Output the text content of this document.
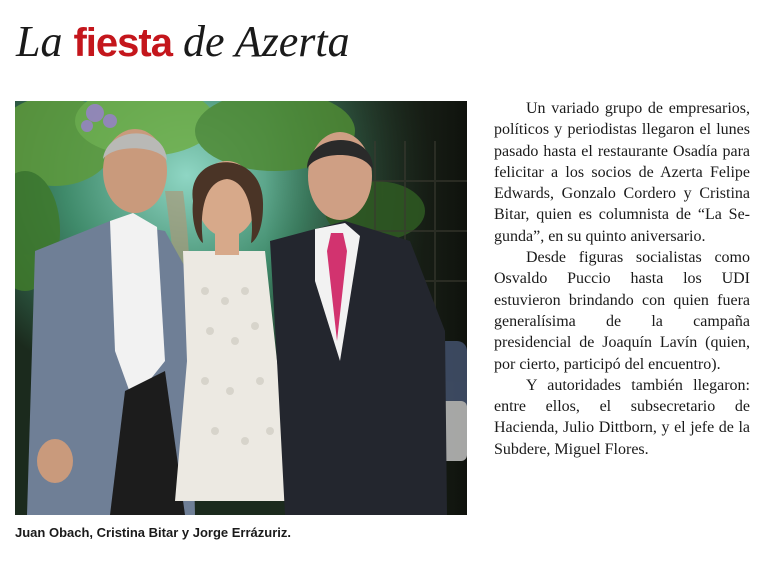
La fiesta de Azerta
Juan Obach, Cristina Bitar y Jorge Errázuriz.

Un variado grupo de empresarios, políticos y periodistas llegaron el lunes pasado hasta el restaurante Osadía para felicitar a los socios de Azerta Felipe Edwards, Gonzalo Cordero y Cristina Bitar, quien es columnista de “La Segunda”, en su quinto aniversario.

Desde figuras socialistas como Osvaldo Puccio hasta los UDI estuvieron brindando con quien fuera generalísima de la campaña presidencial de Joaquín Lavín (quien, por cierto, participó del encuentro).

Y autoridades también llegaron: entre ellos, el subsecretario de Hacienda, Julio Dittborn, y el jefe de la Subdere, Miguel Flores.
